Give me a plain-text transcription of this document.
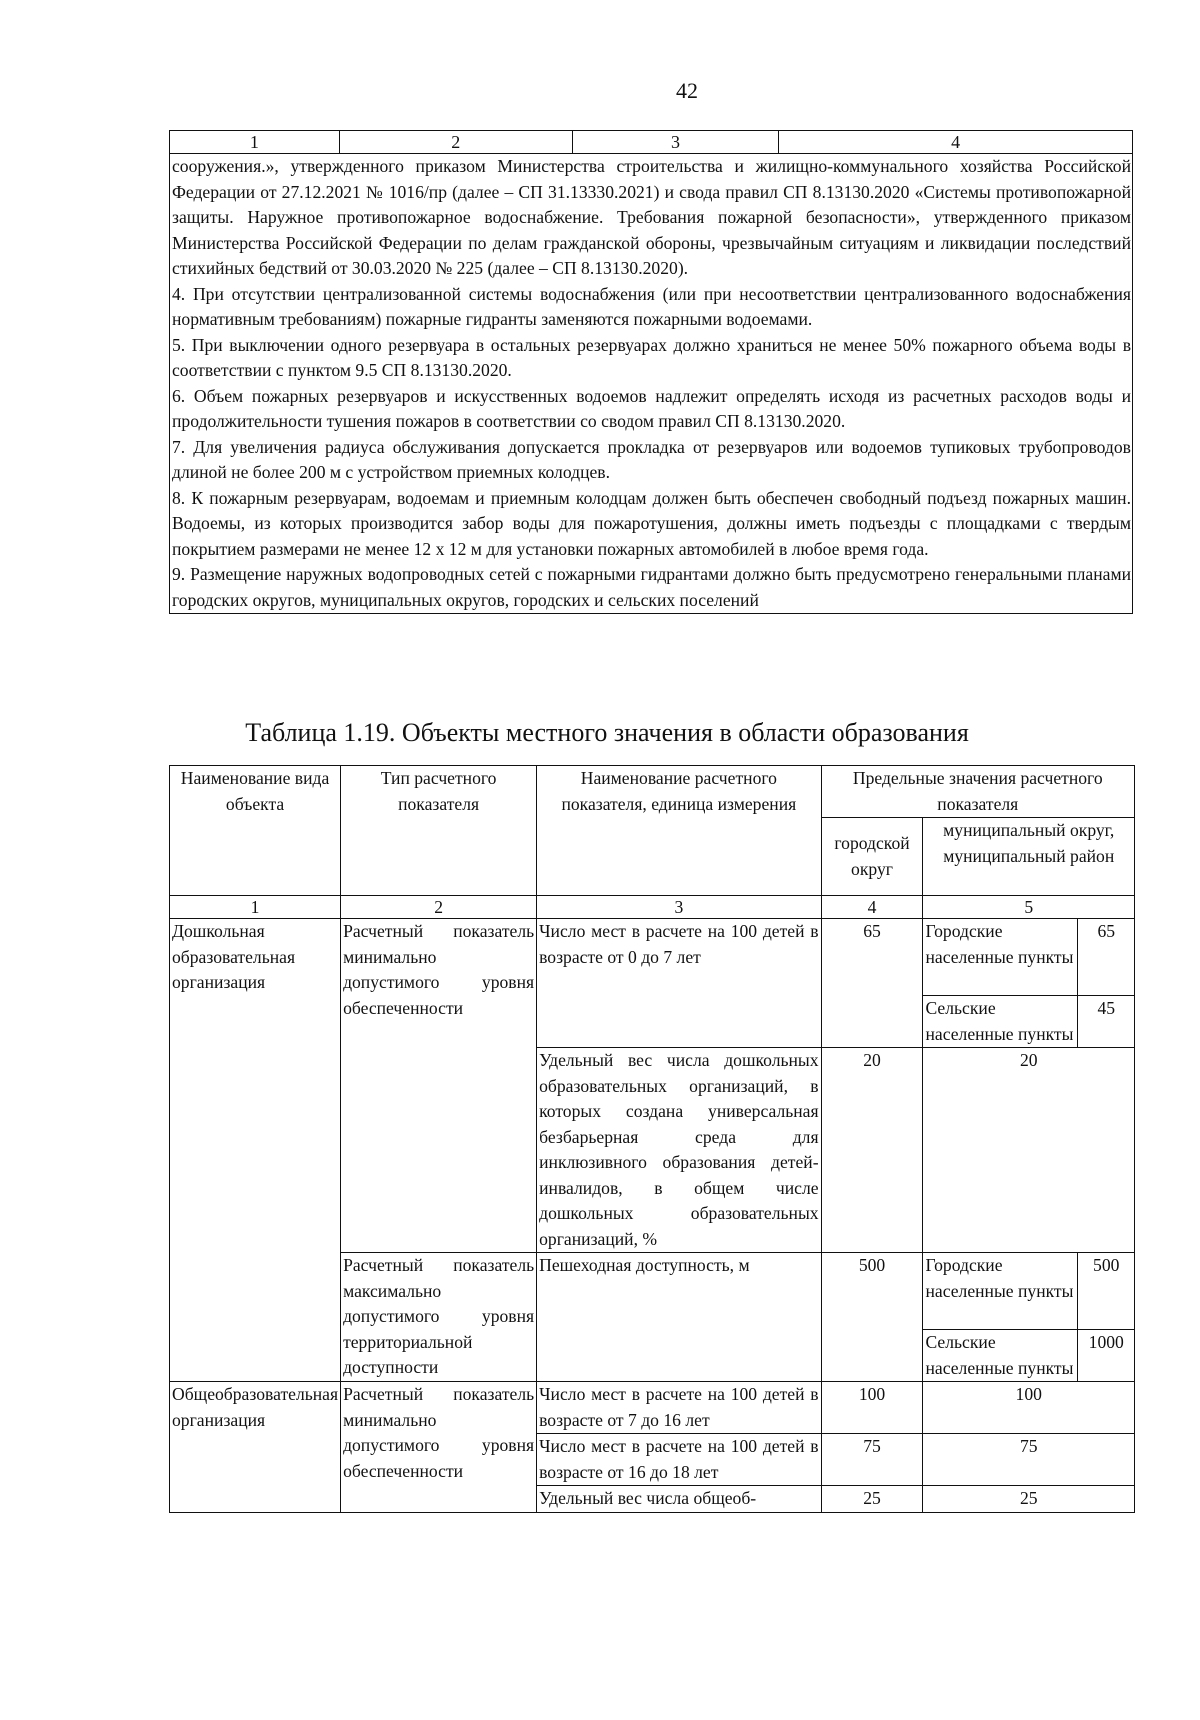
42
1	2	3	4

сооружения.», утвержденного приказом Министерства строительства и жилищно-коммунального хозяйства Российской Федерации от 27.12.2021 № 1016/пр (далее – СП 31.13330.2021) и свода правил СП 8.13130.2020 «Системы противопожарной защиты. Наружное противопожарное водоснабжение. Требования пожарной безопасности», утвержденного приказом Министерства Российской Федерации по делам гражданской обороны, чрезвычайным ситуациям и ликвидации последствий стихийных бедствий от 30.03.2020 № 225 (далее – СП 8.13130.2020).

4. При отсутствии централизованной системы водоснабжения (или при несоответствии централизованного водоснабжения нормативным требованиям) пожарные гидранты заменяются пожарными водоемами.

5. При выключении одного резервуара в остальных резервуарах должно храниться не менее 50% пожарного объема воды в соответствии с пунктом 9.5 СП 8.13130.2020.

6. Объем пожарных резервуаров и искусственных водоемов надлежит определять исходя из расчетных расходов воды и продолжительности тушения пожаров в соответствии со сводом правил СП 8.13130.2020.

7. Для увеличения радиуса обслуживания допускается прокладка от резервуаров или водоемов тупиковых трубопроводов длиной не более 200 м с устройством приемных колодцев.

8. К пожарным резервуарам, водоемам и приемным колодцам должен быть обеспечен свободный подъезд пожарных машин. Водоемы, из которых производится забор воды для пожаротушения, должны иметь подъезды с площадками с твердым покрытием размерами не менее 12 х 12 м для установки пожарных автомобилей в любое время года.

9. Размещение наружных водопроводных сетей с пожарными гидрантами должно быть предусмотрено генеральными планами городских округов, муниципальных округов, городских и сельских поселений

Таблица 1.19. Объекты местного значения в области образования
Наименование вида объекта	Тип расчетного показателя	Наименование расчетного показателя, единица измерения	Предельные значения расчетного показателя
городской округ	муниципальный округ, муниципальный район
1	2	3	4	5
Дошкольная образовательная организация	Расчетный показатель минимально допустимого уровня обеспеченности	Число мест в расчете на 100 детей в возрасте от 0 до 7 лет	65		Городские населенные пункты	65
Сельские населенные пункты	45

Удельный вес числа дошкольных образовательных организаций, в которых создана универсальная безбарьерная среда для инклюзивного образования детей-инвалидов, в общем числе дошкольных образовательных организаций, %	20	20
Расчетный показатель максимально допустимого уровня территориальной доступности	Пешеходная доступность, м	500	Городские населенные пункты	500
Сельские населенные пункты	1000

Общеобразовательная организация	Расчетный показатель минимально допустимого уровня обеспеченности	Число мест в расчете на 100 детей в возрасте от 7 до 16 лет	100	100
Число мест в расчете на 100 детей в возрасте от 16 до 18 лет	75	75
Удельный вес числа общеоб-	25	25
